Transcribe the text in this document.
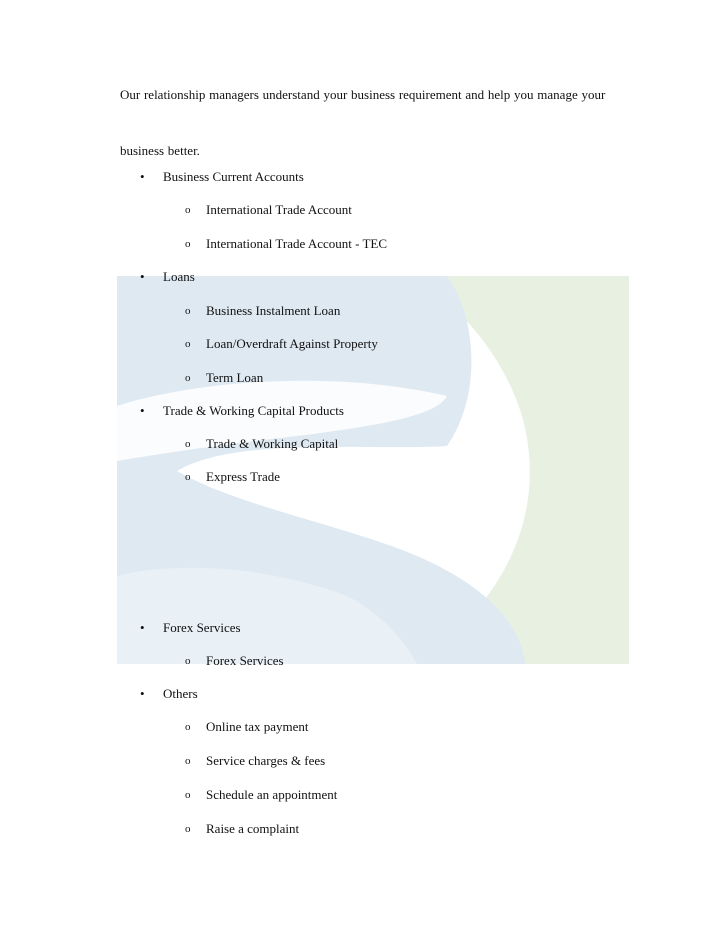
Our relationship managers understand your business requirement and help you manage your business better.

• Business Current Accounts
o International Trade Account
o International Trade Account - TEC
• Loans
o Business Instalment Loan
o Loan/Overdraft Against Property
o Term Loan
• Trade & Working Capital Products
o Trade & Working Capital
o Express Trade
• Forex Services
o Forex Services
• Others
o Online tax payment
o Service charges & fees
o Schedule an appointment
o Raise a complaint
